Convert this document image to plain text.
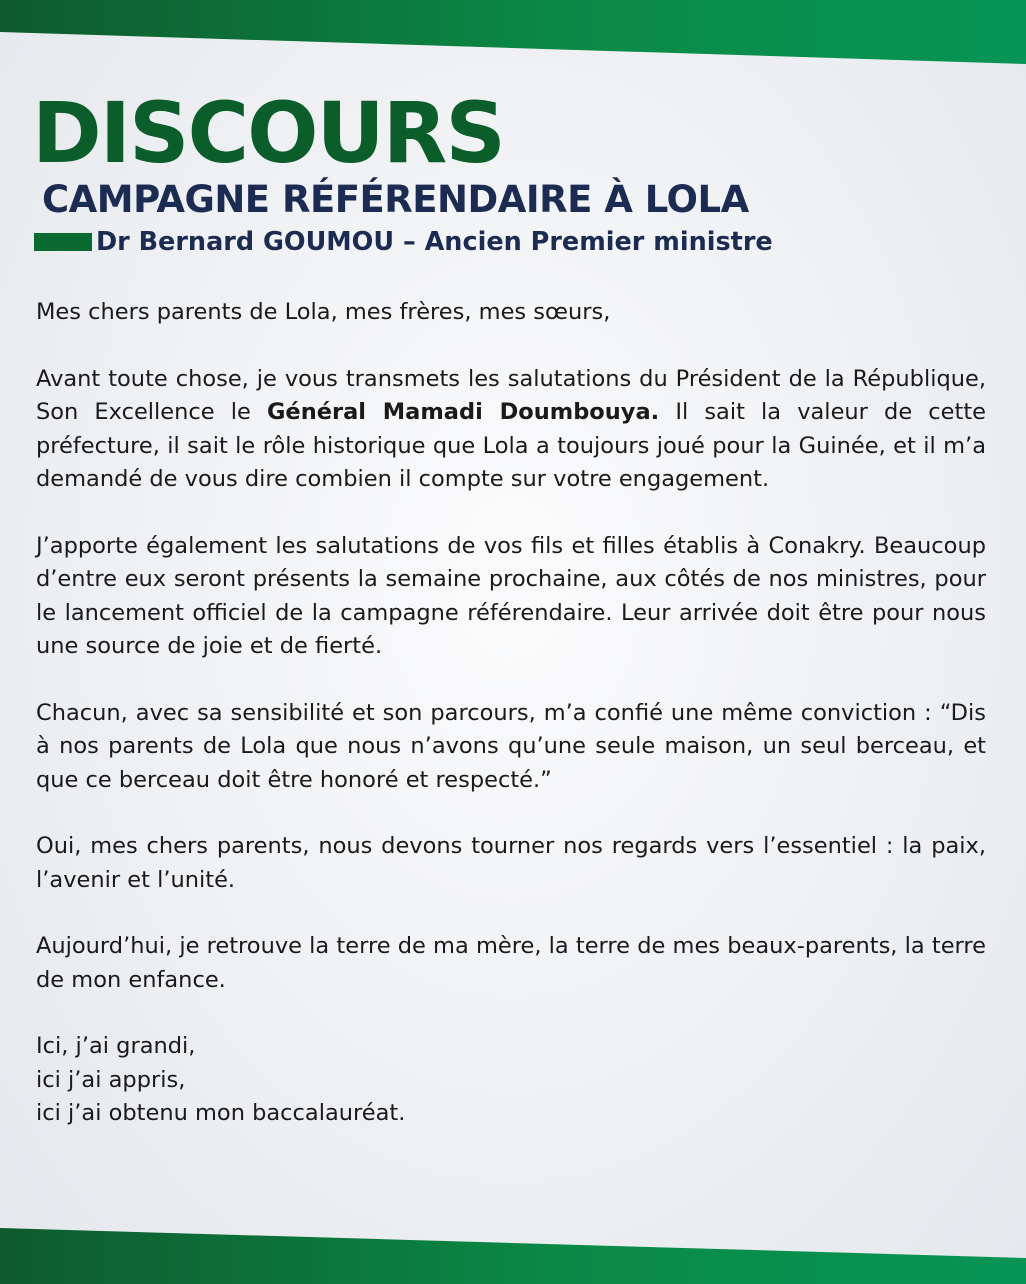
DISCOURS
CAMPAGNE RÉFÉRENDAIRE À LOLA
Dr Bernard GOUMOU – Ancien Premier ministre

Mes chers parents de Lola, mes frères, mes sœurs,

Avant toute chose, je vous transmets les salutations du Président de la République, Son Excellence le Général Mamadi Doumbouya. Il sait la valeur de cette préfecture, il sait le rôle historique que Lola a toujours joué pour la Guinée, et il m’a demandé de vous dire combien il compte sur votre engagement.

J’apporte également les salutations de vos fils et filles établis à Conakry. Beaucoup d’entre eux seront présents la semaine prochaine, aux côtés de nos ministres, pour le lancement officiel de la campagne référendaire. Leur arrivée doit être pour nous une source de joie et de fierté.

Chacun, avec sa sensibilité et son parcours, m’a confié une même conviction : “Dis à nos parents de Lola que nous n’avons qu’une seule maison, un seul berceau, et que ce berceau doit être honoré et respecté.”

Oui, mes chers parents, nous devons tourner nos regards vers l’essentiel : la paix, l’avenir et l’unité.

Aujourd’hui, je retrouve la terre de ma mère, la terre de mes beaux-parents, la terre de mon enfance.

Ici, j’ai grandi,
ici j’ai appris,
ici j’ai obtenu mon baccalauréat.
